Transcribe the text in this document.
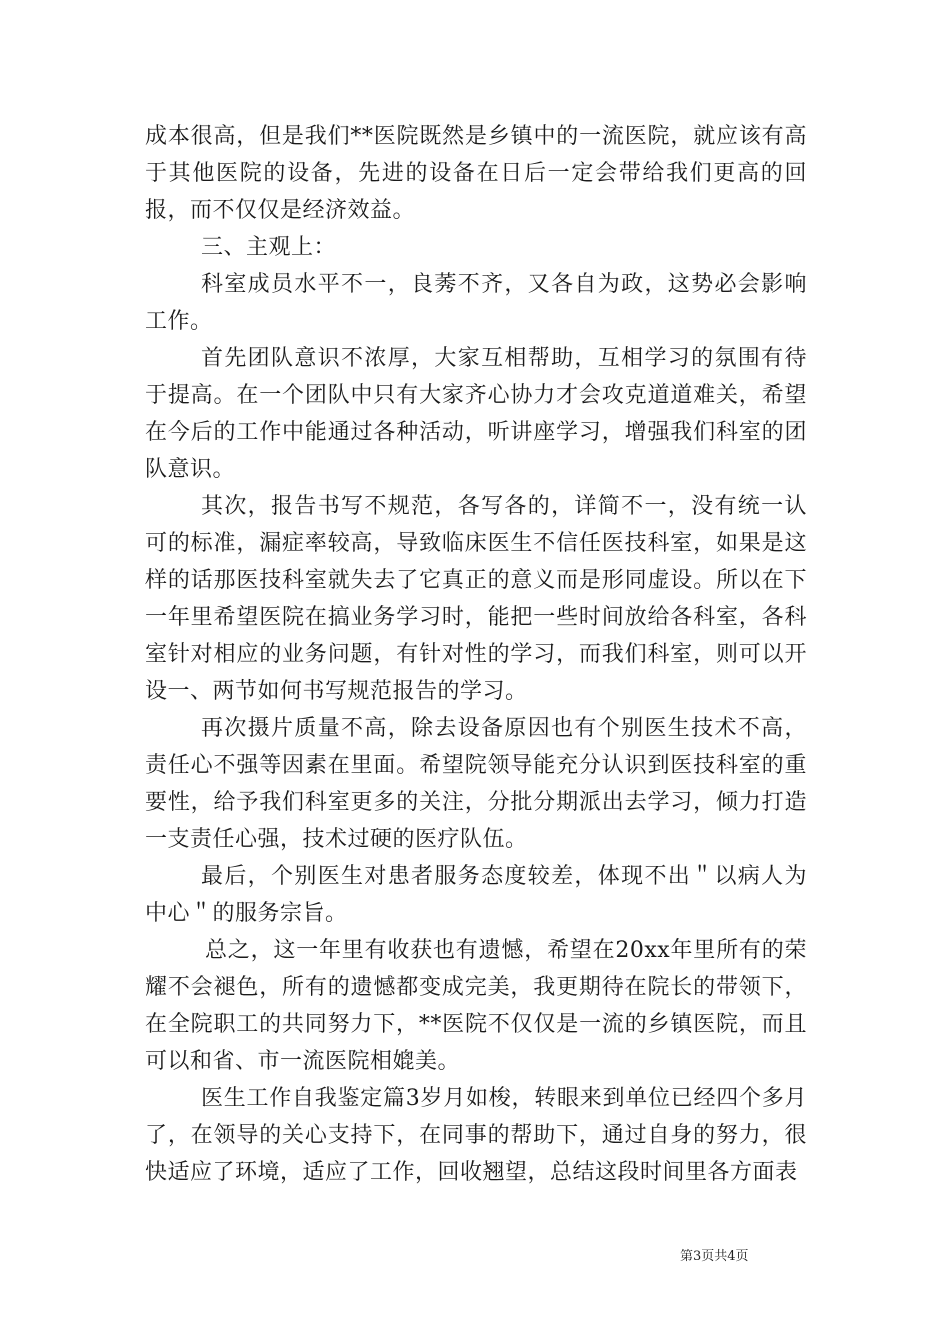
成本很高，但是我们**医院既然是乡镇中的一流医院，就应该有高于其他医院的设备，先进的设备在日后一定会带给我们更高的回报，而不仅仅是经济效益。

三、主观上：

科室成员水平不一，良莠不齐，又各自为政，这势必会影响工作。

首先团队意识不浓厚，大家互相帮助，互相学习的氛围有待于提高。在一个团队中只有大家齐心协力才会攻克道道难关，希望在今后的工作中能通过各种活动，听讲座学习，增强我们科室的团队意识。

其次，报告书写不规范，各写各的，详简不一，没有统一认可的标准，漏症率较高，导致临床医生不信任医技科室，如果是这样的话那医技科室就失去了它真正的意义而是形同虚设。所以在下一年里希望医院在搞业务学习时，能把一些时间放给各科室，各科室针对相应的业务问题，有针对性的学习，而我们科室，则可以开设一、两节如何书写规范报告的学习。

再次摄片质量不高，除去设备原因也有个别医生技术不高，责任心不强等因素在里面。希望院领导能充分认识到医技科室的重要性，给予我们科室更多的关注，分批分期派出去学习，倾力打造一支责任心强，技术过硬的医疗队伍。

最后，个别医生对患者服务态度较差，体现不出＂以病人为中心＂的服务宗旨。

总之，这一年里有收获也有遗憾，希望在20xx年里所有的荣耀不会褪色，所有的遗憾都变成完美，我更期待在院长的带领下，在全院职工的共同努力下，**医院不仅仅是一流的乡镇医院，而且可以和省、市一流医院相媲美。

医生工作自我鉴定篇3岁月如梭，转眼来到单位已经四个多月了，在领导的关心支持下，在同事的帮助下，通过自身的努力，很快适应了环境，适应了工作，回收翘望，总结这段时间里各方面表

第3页共4页
